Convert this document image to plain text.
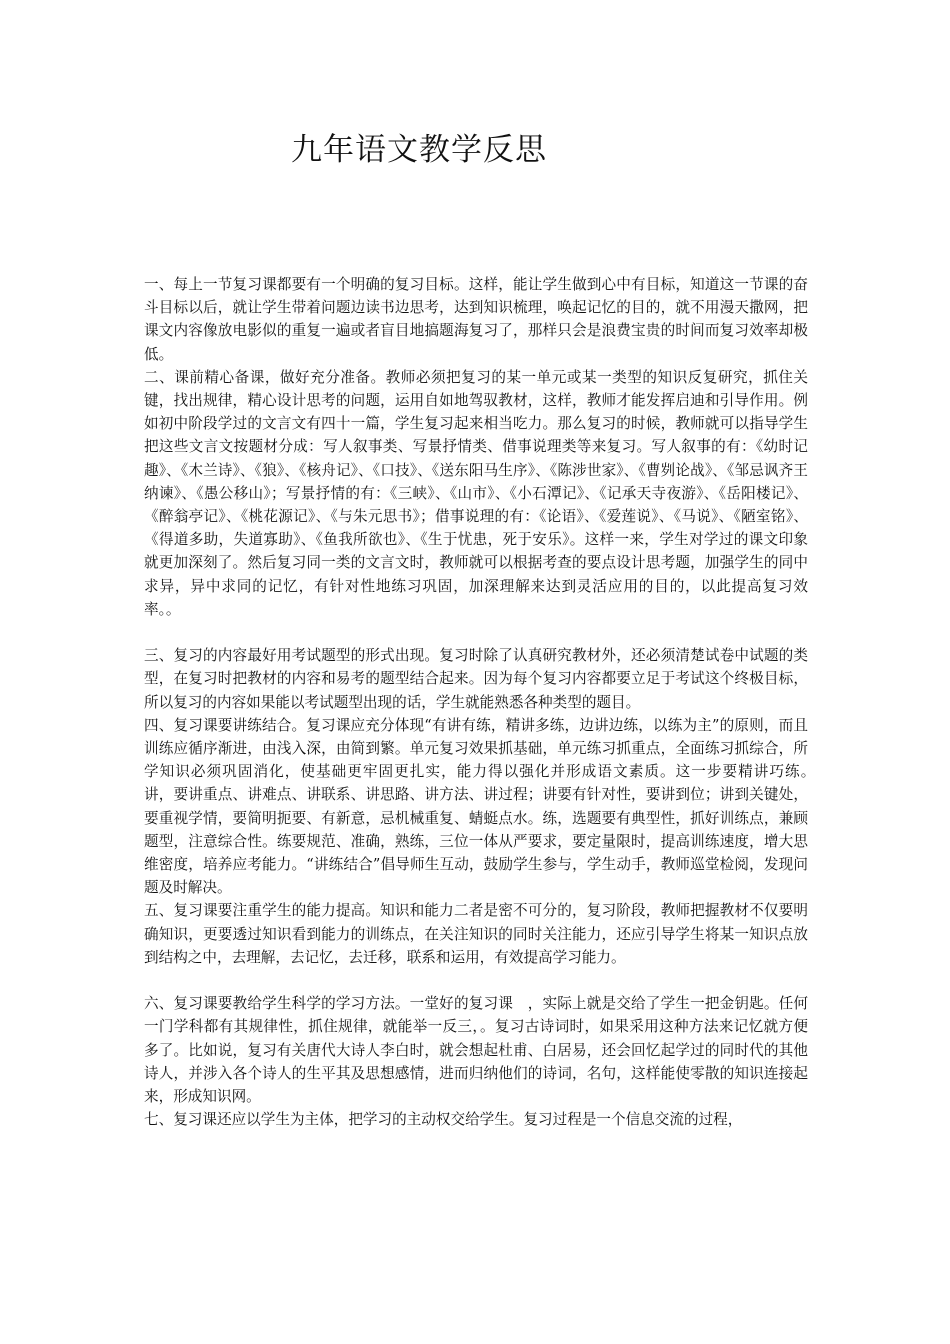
九年语文教学反思

一、每上一节复习课都要有一个明确的复习目标。这样，能让学生做到心中有目标，知道这一节课的奋斗目标以后，就让学生带着问题边读书边思考，达到知识梳理，唤起记忆的目的，就不用漫天撒网，把课文内容像放电影似的重复一遍或者盲目地搞题海复习了，那样只会是浪费宝贵的时间而复习效率却极低。

二、课前精心备课，做好充分准备。教师必须把复习的某一单元或某一类型的知识反复研究，抓住关键，找出规律，精心设计思考的问题，运用自如地驾驭教材，这样，教师才能发挥启迪和引导作用。例如初中阶段学过的文言文有四十一篇，学生复习起来相当吃力。那么复习的时候，教师就可以指导学生把这些文言文按题材分成：写人叙事类、写景抒情类、借事说理类等来复习。写人叙事的有：《幼时记趣》、《木兰诗》、《狼》、《核舟记》、《口技》、《送东阳马生序》、《陈涉世家》、《曹刿论战》、《邹忌讽齐王纳谏》、《愚公移山》；写景抒情的有：《三峡》、《山市》、《小石潭记》、《记承天寺夜游》、《岳阳楼记》、《醉翁亭记》、《桃花源记》、《与朱元思书》；借事说理的有：《论语》、《爱莲说》、《马说》、《陋室铭》、《得道多助，失道寡助》、《鱼我所欲也》、《生于忧患，死于安乐》。这样一来，学生对学过的课文印象就更加深刻了。然后复习同一类的文言文时，教师就可以根据考查的要点设计思考题，加强学生的同中求异，异中求同的记忆，有针对性地练习巩固，加深理解来达到灵活应用的目的，以此提高复习效率。。

三、复习的内容最好用考试题型的形式出现。复习时除了认真研究教材外，还必须清楚试卷中试题的类型，在复习时把教材的内容和易考的题型结合起来。因为每个复习内容都要立足于考试这个终极目标，所以复习的内容如果能以考试题型出现的话，学生就能熟悉各种类型的题目。

四、复习课要讲练结合。复习课应充分体现“有讲有练，精讲多练，边讲边练，以练为主”的原则，而且训练应循序渐进，由浅入深，由简到繁。单元复习效果抓基础，单元练习抓重点，全面练习抓综合，所学知识必须巩固消化，使基础更牢固更扎实，能力得以强化并形成语文素质。这一步要精讲巧练。　讲，要讲重点、讲难点、讲联系、讲思路、讲方法、讲过程；讲要有针对性，要讲到位；讲到关键处，要重视学情，要简明扼要、有新意，忌机械重复、蜻蜓点水。练，选题要有典型性，抓好训练点，兼顾题型，注意综合性。练要规范、准确，熟练，三位一体从严要求，要定量限时，提高训练速度，增大思维密度，培养应考能力。“讲练结合”倡导师生互动，鼓励学生参与，学生动手，教师巡堂检阅，发现问题及时解决。

五、复习课要注重学生的能力提高。知识和能力二者是密不可分的，复习阶段，教师把握教材不仅要明确知识，更要透过知识看到能力的训练点，在关注知识的同时关注能力，还应引导学生将某一知识点放到结构之中，去理解，去记忆，去迁移，联系和运用，有效提高学习能力。

六、复习课要教给学生科学的学习方法。一堂好的复习课　，实际上就是交给了学生一把金钥匙。任何一门学科都有其规律性，抓住规律，就能举一反三，。复习古诗词时，如果采用这种方法来记忆就方便多了。比如说，复习有关唐代大诗人李白时，就会想起杜甫、白居易，还会回忆起学过的同时代的其他诗人，并涉入各个诗人的生平其及思想感情，进而归纳他们的诗词，名句，这样能使零散的知识连接起来，形成知识网。

七、复习课还应以学生为主体，把学习的主动权交给学生。复习过程是一个信息交流的过程，
